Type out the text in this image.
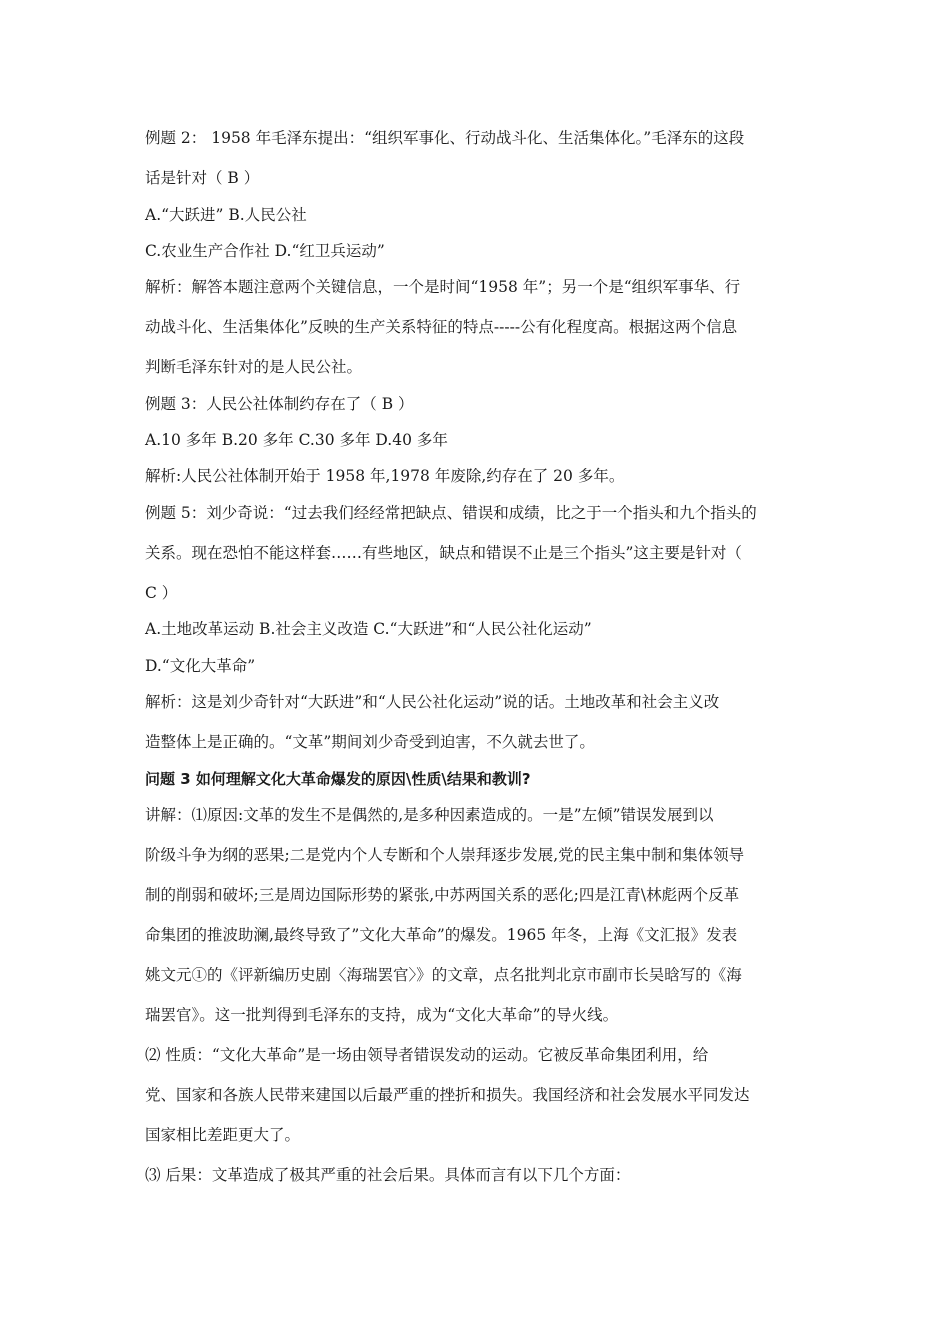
例题 2： 1958 年毛泽东提出：“组织军事化、行动战斗化、生活集体化。”毛泽东的这段
话是针对（ B ）
A.“大跃进” B.人民公社
C.农业生产合作社 D.“红卫兵运动”
解析：解答本题注意两个关键信息，一个是时间“1958 年”；另一个是“组织军事华、行
动战斗化、生活集体化”反映的生产关系特征的特点-----公有化程度高。根据这两个信息
判断毛泽东针对的是人民公社。
例题 3：人民公社体制约存在了（ B ）
A.10 多年 B.20 多年 C.30 多年 D.40 多年
解析:人民公社体制开始于 1958 年,1978 年废除,约存在了 20 多年。
例题 5：刘少奇说：“过去我们经经常把缺点、错误和成绩，比之于一个指头和九个指头的
关系。现在恐怕不能这样套……有些地区，缺点和错误不止是三个指头”这主要是针对（
C ）
A.土地改革运动 B.社会主义改造 C.“大跃进”和“人民公社化运动”
D.“文化大革命”
解析：这是刘少奇针对“大跃进”和“人民公社化运动”说的话。土地改革和社会主义改
造整体上是正确的。“文革”期间刘少奇受到迫害，不久就去世了。
问题 3 如何理解文化大革命爆发的原因\性质\结果和教训?
讲解：⑴原因:文革的发生不是偶然的,是多种因素造成的。一是”左倾”错误发展到以
阶级斗争为纲的恶果;二是党内个人专断和个人崇拜逐步发展,党的民主集中制和集体领导
制的削弱和破坏;三是周边国际形势的紧张,中苏两国关系的恶化;四是江青\林彪两个反革
命集团的推波助澜,最终导致了”文化大革命”的爆发。1965 年冬，上海《文汇报》发表
姚文元①的《评新编历史剧〈海瑞罢官〉》的文章，点名批判北京市副市长吴晗写的《海
瑞罢官》。这一批判得到毛泽东的支持，成为“文化大革命”的导火线。
⑵ 性质：“文化大革命”是一场由领导者错误发动的运动。它被反革命集团利用，给
党、国家和各族人民带来建国以后最严重的挫折和损失。我国经济和社会发展水平同发达
国家相比差距更大了。
⑶ 后果：文革造成了极其严重的社会后果。具体而言有以下几个方面：
